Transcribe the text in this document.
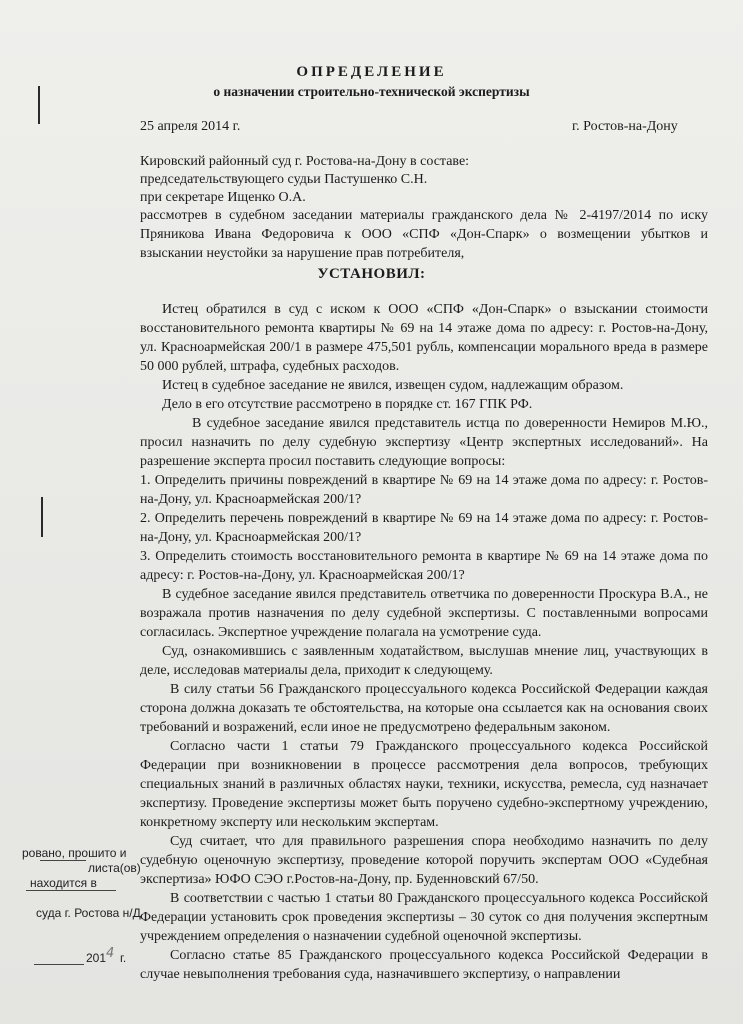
ОПРЕДЕЛЕНИЕ
о назначении строительно-технической экспертизы
25 апреля 2014 г.	г. Ростов-на-Дону
Кировский районный суд г. Ростова-на-Дону в составе:
председательствующего судьи Пастушенко С.Н.
при секретаре Ищенко О.А.

рассмотрев в судебном заседании материалы гражданского дела № 2-4197/2014 по иску

Пряникова Ивана Федоровича к ООО «СПФ «Дон-Спарк» о возмещении убытков и

взыскании неустойки за нарушение прав потребителя,

УСТАНОВИЛ:

Истец обратился в суд с иском к ООО «СПФ «Дон-Спарк» о взыскании стоимости восстановительного ремонта квартиры № 69 на 14 этаже дома по адресу: г. Ростов-на-Дону, ул. Красноармейская 200/1 в размере 475,501 рубль, компенсации морального вреда в размере 50 000 рублей, штрафа, судебных расходов.

Истец в судебное заседание не явился, извещен судом, надлежащим образом.

Дело в его отсутствие рассмотрено в порядке ст. 167 ГПК РФ.

В судебное заседание явился представитель истца по доверенности Немиров М.Ю., просил назначить по делу судебную экспертизу «Центр экспертных исследований». На разрешение эксперта просил поставить следующие вопросы:

1. Определить причины повреждений в квартире № 69 на 14 этаже дома по адресу: г. Ростов-на-Дону, ул. Красноармейская 200/1?

2. Определить перечень повреждений в квартире № 69 на 14 этаже дома по адресу: г. Ростов-на-Дону, ул. Красноармейская 200/1?

3. Определить стоимость восстановительного ремонта в квартире № 69 на 14 этаже дома по адресу: г. Ростов-на-Дону, ул. Красноармейская 200/1?

В судебное заседание явился представитель ответчика по доверенности Проскура В.А., не возражала против назначения по делу судебной экспертизы. С поставленными вопросами согласилась. Экспертное учреждение полагала на усмотрение суда.

Суд, ознакомившись с заявленным ходатайством, выслушав мнение лиц, участвующих в деле, исследовав материалы дела, приходит к следующему.

В силу статьи 56 Гражданского процессуального кодекса Российской Федерации каждая сторона должна доказать те обстоятельства, на которые она ссылается как на основания своих требований и возражений, если иное не предусмотрено федеральным законом.

Согласно части 1 статьи 79 Гражданского процессуального кодекса Российской Федерации при возникновении в процессе рассмотрения дела вопросов, требующих специальных знаний в различных областях науки, техники, искусства, ремесла, суд назначает экспертизу. Проведение экспертизы может быть поручено судебно-экспертному учреждению, конкретному эксперту или нескольким экспертам.

Суд считает, что для правильного разрешения спора необходимо назначить по делу судебную оценочную экспертизу, проведение которой поручить экспертам ООО «Судебная экспертиза» ЮФО СЭО г.Ростов-на-Дону, пр. Буденновский 67/50.

В соответствии с частью 1 статьи 80 Гражданского процессуального кодекса Российской Федерации установить срок проведения экспертизы – 30 суток со дня получения экспертным учреждением определения о назначении судебной оценочной экспертизы.

Согласно статье 85 Гражданского процессуального кодекса Российской Федерации в случае невыполнения требования суда, назначившего экспертизу, о направлении

ровано, прошито и
листа(ов)
находится в
суда г. Ростова н/Д
201 4 г.
